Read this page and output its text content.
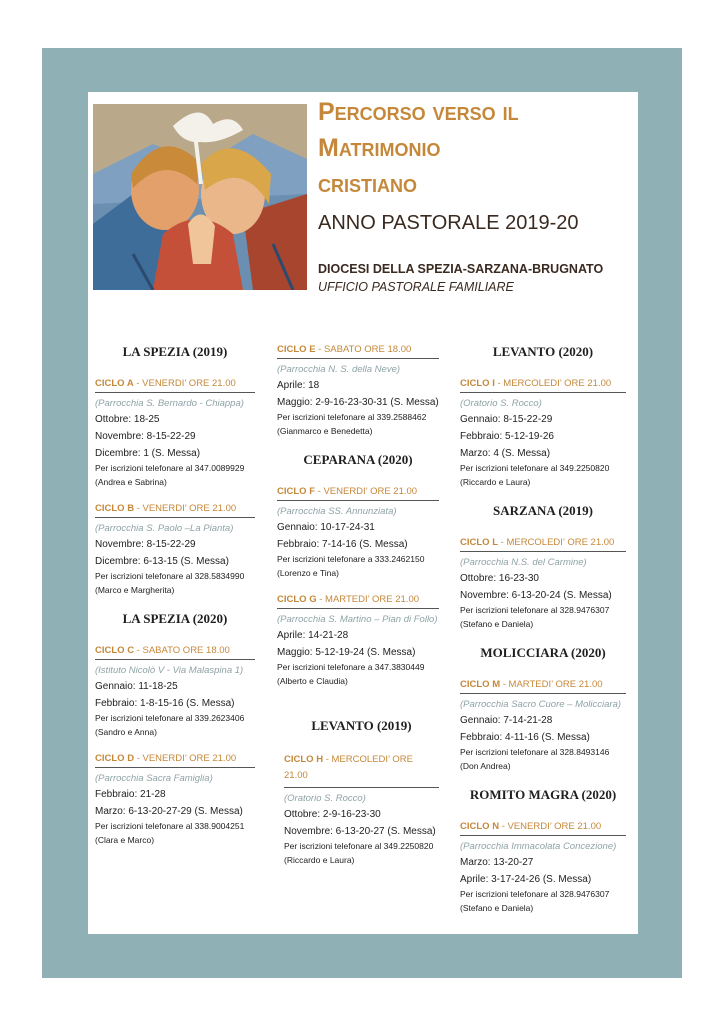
Percorso verso il
Matrimonio
cristiano
ANNO PASTORALE 2019-20
DIOCESI DELLA SPEZIA-SARZANA-BRUGNATO
UFFICIO PASTORALE FAMILIARE

LA SPEZIA (2019)

CICLO A - VENERDI’ ORE 21.00
(Parrocchia S. Bernardo - Chiappa)
Ottobre: 18-25
Novembre: 8-15-22-29
Dicembre: 1 (S. Messa)
Per iscrizioni telefonare al 347.0089929
(Andrea e Sabrina)
CICLO B - VENERDI’ ORE 21.00
(Parrocchia S. Paolo –La Pianta)
Novembre: 8-15-22-29
Dicembre: 6-13-15 (S. Messa)
Per iscrizioni telefonare al 328.5834990
(Marco e Margherita)

LA SPEZIA (2020)

CICLO C - SABATO ORE 18.00
(Istituto Nicolò V - Via Malaspina 1)
Gennaio: 11-18-25
Febbraio: 1-8-15-16 (S. Messa)
Per iscrizioni telefonare al 339.2623406
(Sandro e Anna)
CICLO D - VENERDI’ ORE 21.00
(Parrocchia Sacra Famiglia)
Febbraio: 21-28
Marzo: 6-13-20-27-29 (S. Messa)
Per iscrizioni telefonare al 338.9004251
(Clara e Marco)
CICLO E - SABATO ORE 18.00
(Parrocchia N. S. della Neve)
Aprile: 18
Maggio: 2-9-16-23-30-31 (S. Messa)
Per iscrizioni telefonare al 339.2588462
(Gianmarco e Benedetta)

CEPARANA (2020)

CICLO F - VENERDI’ ORE 21.00
(Parrocchia SS. Annunziata)
Gennaio: 10-17-24-31
Febbraio: 7-14-16 (S. Messa)
Per iscrizioni telefonare a 333.2462150
(Lorenzo e Tina)
CICLO G - MARTEDI’ ORE 21.00
(Parrocchia S. Martino – Pian di Follo)
Aprile: 14-21-28
Maggio: 5-12-19-24 (S. Messa)
Per iscrizioni telefonare a 347.3830449
(Alberto e Claudia)

LEVANTO (2019)

CICLO H - MERCOLEDI’ ORE 21.00
(Oratorio S. Rocco)
Ottobre: 2-9-16-23-30
Novembre: 6-13-20-27 (S. Messa)
Per iscrizioni telefonare al 349.2250820
(Riccardo e Laura)

LEVANTO (2020)

CICLO I - MERCOLEDI’ ORE 21.00
(Oratorio S. Rocco)
Gennaio: 8-15-22-29
Febbraio: 5-12-19-26
Marzo: 4 (S. Messa)
Per iscrizioni telefonare al 349.2250820
(Riccardo e Laura)

SARZANA (2019)

CICLO L - MERCOLEDI’ ORE 21.00
(Parrocchia N.S. del Carmine)
Ottobre: 16-23-30
Novembre: 6-13-20-24 (S. Messa)
Per iscrizioni telefonare al 328.9476307
(Stefano e Daniela)

MOLICCIARA (2020)

CICLO M - MARTEDI’ ORE 21.00
(Parrocchia Sacro Cuore – Molicciara)
Gennaio: 7-14-21-28
Febbraio: 4-11-16 (S. Messa)
Per iscrizioni telefonare al 328.8493146
(Don Andrea)

ROMITO MAGRA (2020)

CICLO N - VENERDI’ ORE 21.00
(Parrocchia Immacolata Concezione)
Marzo: 13-20-27
Aprile: 3-17-24-26 (S. Messa)
Per iscrizioni telefonare al 328.9476307
(Stefano e Daniela)
